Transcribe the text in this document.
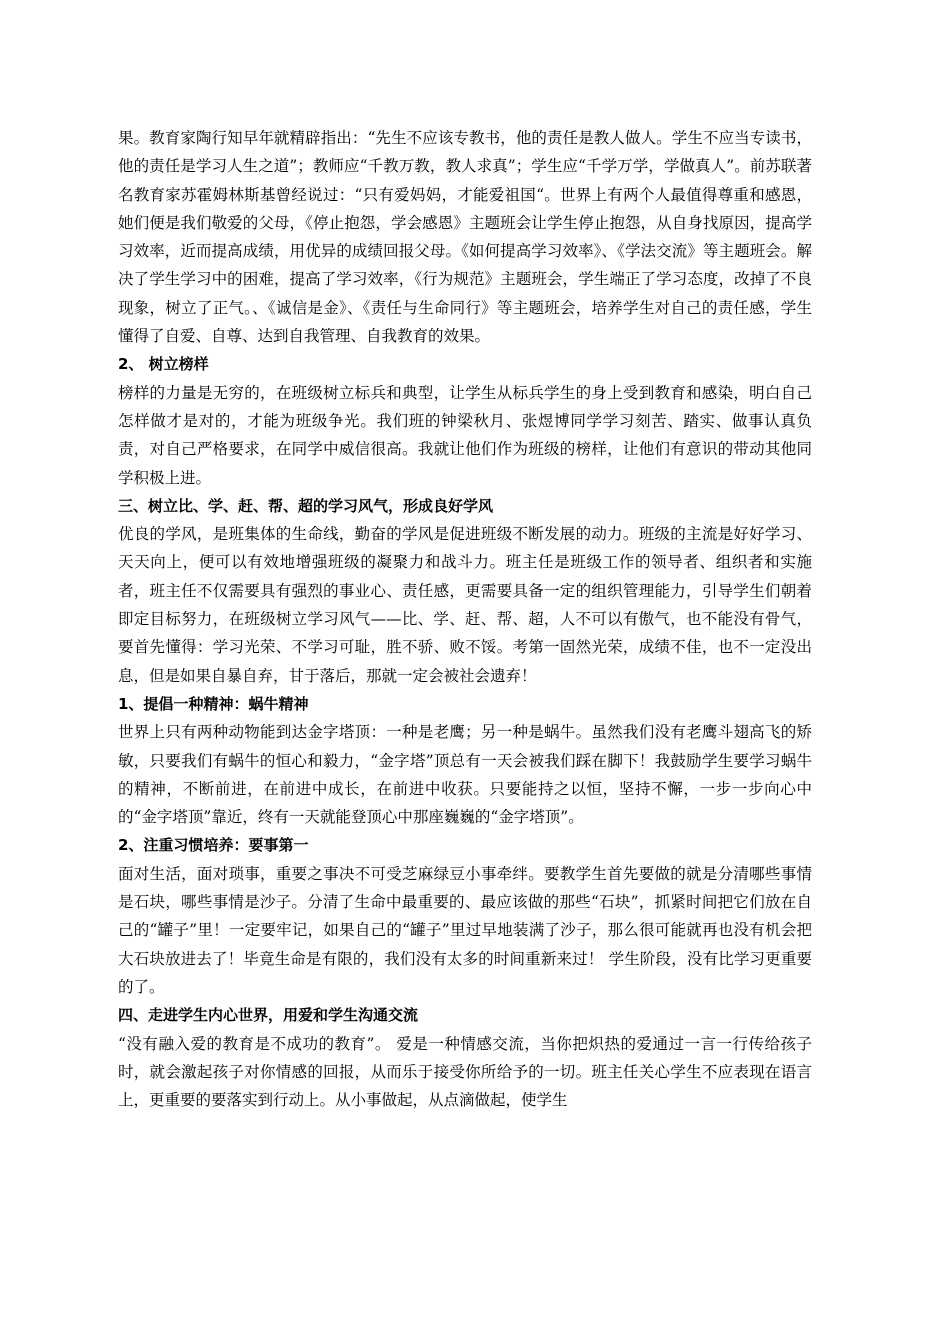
果。教育家陶行知早年就精辟指出：“先生不应该专教书，他的责任是教人做人。学生不应当专读书，他的责任是学习人生之道”；教师应“千教万教，教人求真”；学生应“千学万学，学做真人”。前苏联著名教育家苏霍姆林斯基曾经说过：“只有爱妈妈，才能爱祖国“。世界上有两个人最值得尊重和感恩，她们便是我们敬爱的父母，《停止抱怨，学会感恩》主题班会让学生停止抱怨，从自身找原因，提高学习效率，近而提高成绩，用优异的成绩回报父母。《如何提高学习效率》、《学法交流》等主题班会。解决了学生学习中的困难，提高了学习效率，《行为规范》主题班会，学生端正了学习态度，改掉了不良现象，树立了正气。、《诚信是金》、《责任与生命同行》等主题班会，培养学生对自己的责任感，学生懂得了自爱、自尊、达到自我管理、自我教育的效果。

2、 树立榜样

榜样的力量是无穷的，在班级树立标兵和典型，让学生从标兵学生的身上受到教育和感染，明白自己怎样做才是对的，才能为班级争光。我们班的钟梁秋月、张煜博同学学习刻苦、踏实、做事认真负责，对自己严格要求，在同学中威信很高。我就让他们作为班级的榜样，让他们有意识的带动其他同学积极上进。

三、树立比、学、赶、帮、超的学习风气，形成良好学风

优良的学风，是班集体的生命线，勤奋的学风是促进班级不断发展的动力。班级的主流是好好学习、天天向上，便可以有效地增强班级的凝聚力和战斗力。班主任是班级工作的领导者、组织者和实施者，班主任不仅需要具有强烈的事业心、责任感，更需要具备一定的组织管理能力，引导学生们朝着即定目标努力，在班级树立学习风气——比、学、赶、帮、超，人不可以有傲气，也不能没有骨气，要首先懂得：学习光荣、不学习可耻，胜不骄、败不馁。考第一固然光荣，成绩不佳，也不一定没出息，但是如果自暴自弃，甘于落后，那就一定会被社会遗弃！

1、提倡一种精神：蜗牛精神

世界上只有两种动物能到达金字塔顶：一种是老鹰；另一种是蜗牛。虽然我们没有老鹰斗翅高飞的矫敏，只要我们有蜗牛的恒心和毅力，“金字塔”顶总有一天会被我们踩在脚下！我鼓励学生要学习蜗牛的精神，不断前进，在前进中成长，在前进中收获。只要能持之以恒，坚持不懈，一步一步向心中的“金字塔顶”靠近，终有一天就能登顶心中那座巍巍的“金字塔顶”。

2、注重习惯培养：要事第一

面对生活，面对琐事，重要之事决不可受芝麻绿豆小事牵绊。要教学生首先要做的就是分清哪些事情是石块，哪些事情是沙子。分清了生命中最重要的、最应该做的那些“石块”，抓紧时间把它们放在自己的“罐子”里！一定要牢记，如果自己的“罐子”里过早地装满了沙子，那么很可能就再也没有机会把大石块放进去了！毕竟生命是有限的，我们没有太多的时间重新来过！ 学生阶段，没有比学习更重要的了。

四、走进学生内心世界，用爱和学生沟通交流

“没有融入爱的教育是不成功的教育”。 爱是一种情感交流，当你把炽热的爱通过一言一行传给孩子时，就会激起孩子对你情感的回报，从而乐于接受你所给予的一切。班主任关心学生不应表现在语言上，更重要的要落实到行动上。从小事做起，从点滴做起，使学生
